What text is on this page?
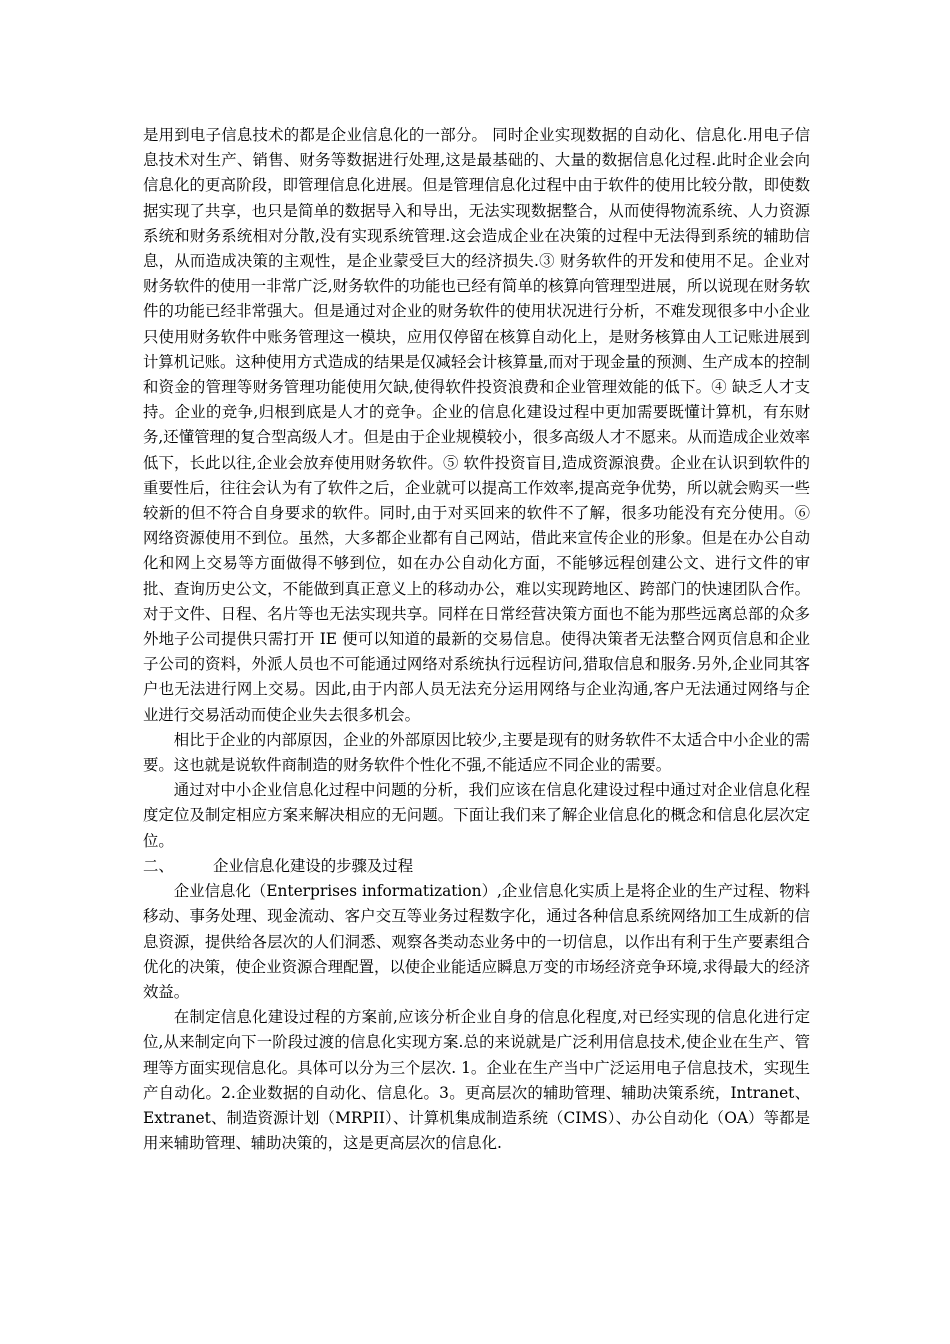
是用到电子信息技术的都是企业信息化的一部分。 同时企业实现数据的自动化、信息化.用电子信息技术对生产、销售、财务等数据进行处理,这是最基础的、大量的数据信息化过程.此时企业会向信息化的更高阶段，即管理信息化进展。但是管理信息化过程中由于软件的使用比较分散，即使数据实现了共享，也只是简单的数据导入和导出，无法实现数据整合，从而使得物流系统、人力资源系统和财务系统相对分散,没有实现系统管理.这会造成企业在决策的过程中无法得到系统的辅助信息，从而造成决策的主观性，是企业蒙受巨大的经济损失.③ 财务软件的开发和使用不足。企业对财务软件的使用一非常广泛,财务软件的功能也已经有简单的核算向管理型进展，所以说现在财务软件的功能已经非常强大。但是通过对企业的财务软件的使用状况进行分析，不难发现很多中小企业只使用财务软件中账务管理这一模块，应用仅停留在核算自动化上，是财务核算由人工记账进展到计算机记账。这种使用方式造成的结果是仅减轻会计核算量,而对于现金量的预测、生产成本的控制和资金的管理等财务管理功能使用欠缺,使得软件投资浪费和企业管理效能的低下。④ 缺乏人才支持。企业的竞争,归根到底是人才的竞争。企业的信息化建设过程中更加需要既懂计算机，有东财务,还懂管理的复合型高级人才。但是由于企业规模较小，很多高级人才不愿来。从而造成企业效率低下，长此以往,企业会放弃使用财务软件。⑤ 软件投资盲目,造成资源浪费。企业在认识到软件的重要性后，往往会认为有了软件之后，企业就可以提高工作效率,提高竞争优势，所以就会购买一些较新的但不符合自身要求的软件。同时,由于对买回来的软件不了解，很多功能没有充分使用。⑥ 网络资源使用不到位。虽然，大多都企业都有自己网站，借此来宣传企业的形象。但是在办公自动化和网上交易等方面做得不够到位，如在办公自动化方面，不能够远程创建公文、进行文件的审批、查询历史公文，不能做到真正意义上的移动办公，难以实现跨地区、跨部门的快速团队合作。对于文件、日程、名片等也无法实现共享。同样在日常经营决策方面也不能为那些远离总部的众多外地子公司提供只需打开 IE 便可以知道的最新的交易信息。使得决策者无法整合网页信息和企业子公司的资料，外派人员也不可能通过网络对系统执行远程访问,猎取信息和服务.另外,企业同其客户也无法进行网上交易。因此,由于内部人员无法充分运用网络与企业沟通,客户无法通过网络与企业进行交易活动而使企业失去很多机会。

相比于企业的内部原因，企业的外部原因比较少,主要是现有的财务软件不太适合中小企业的需要。这也就是说软件商制造的财务软件个性化不强,不能适应不同企业的需要。

通过对中小企业信息化过程中问题的分析，我们应该在信息化建设过程中通过对企业信息化程度定位及制定相应方案来解决相应的无问题。下面让我们来了解企业信息化的概念和信息化层次定位。

二、	企业信息化建设的步骤及过程

企业信息化（Enterprises informatization）,企业信息化实质上是将企业的生产过程、物料移动、事务处理、现金流动、客户交互等业务过程数字化，通过各种信息系统网络加工生成新的信息资源，提供给各层次的人们洞悉、观察各类动态业务中的一切信息，以作出有利于生产要素组合优化的决策，使企业资源合理配置，以使企业能适应瞬息万变的市场经济竞争环境,求得最大的经济效益。

在制定信息化建设过程的方案前,应该分析企业自身的信息化程度,对已经实现的信息化进行定位,从来制定向下一阶段过渡的信息化实现方案.总的来说就是广泛利用信息技术,使企业在生产、管理等方面实现信息化。具体可以分为三个层次. 1。企业在生产当中广泛运用电子信息技术，实现生产自动化。2.企业数据的自动化、信息化。3。更高层次的辅助管理、辅助决策系统，Intranet、Extranet、制造资源计划（MRPII）、计算机集成制造系统（CIMS）、办公自动化（OA）等都是用来辅助管理、辅助决策的，这是更高层次的信息化.
